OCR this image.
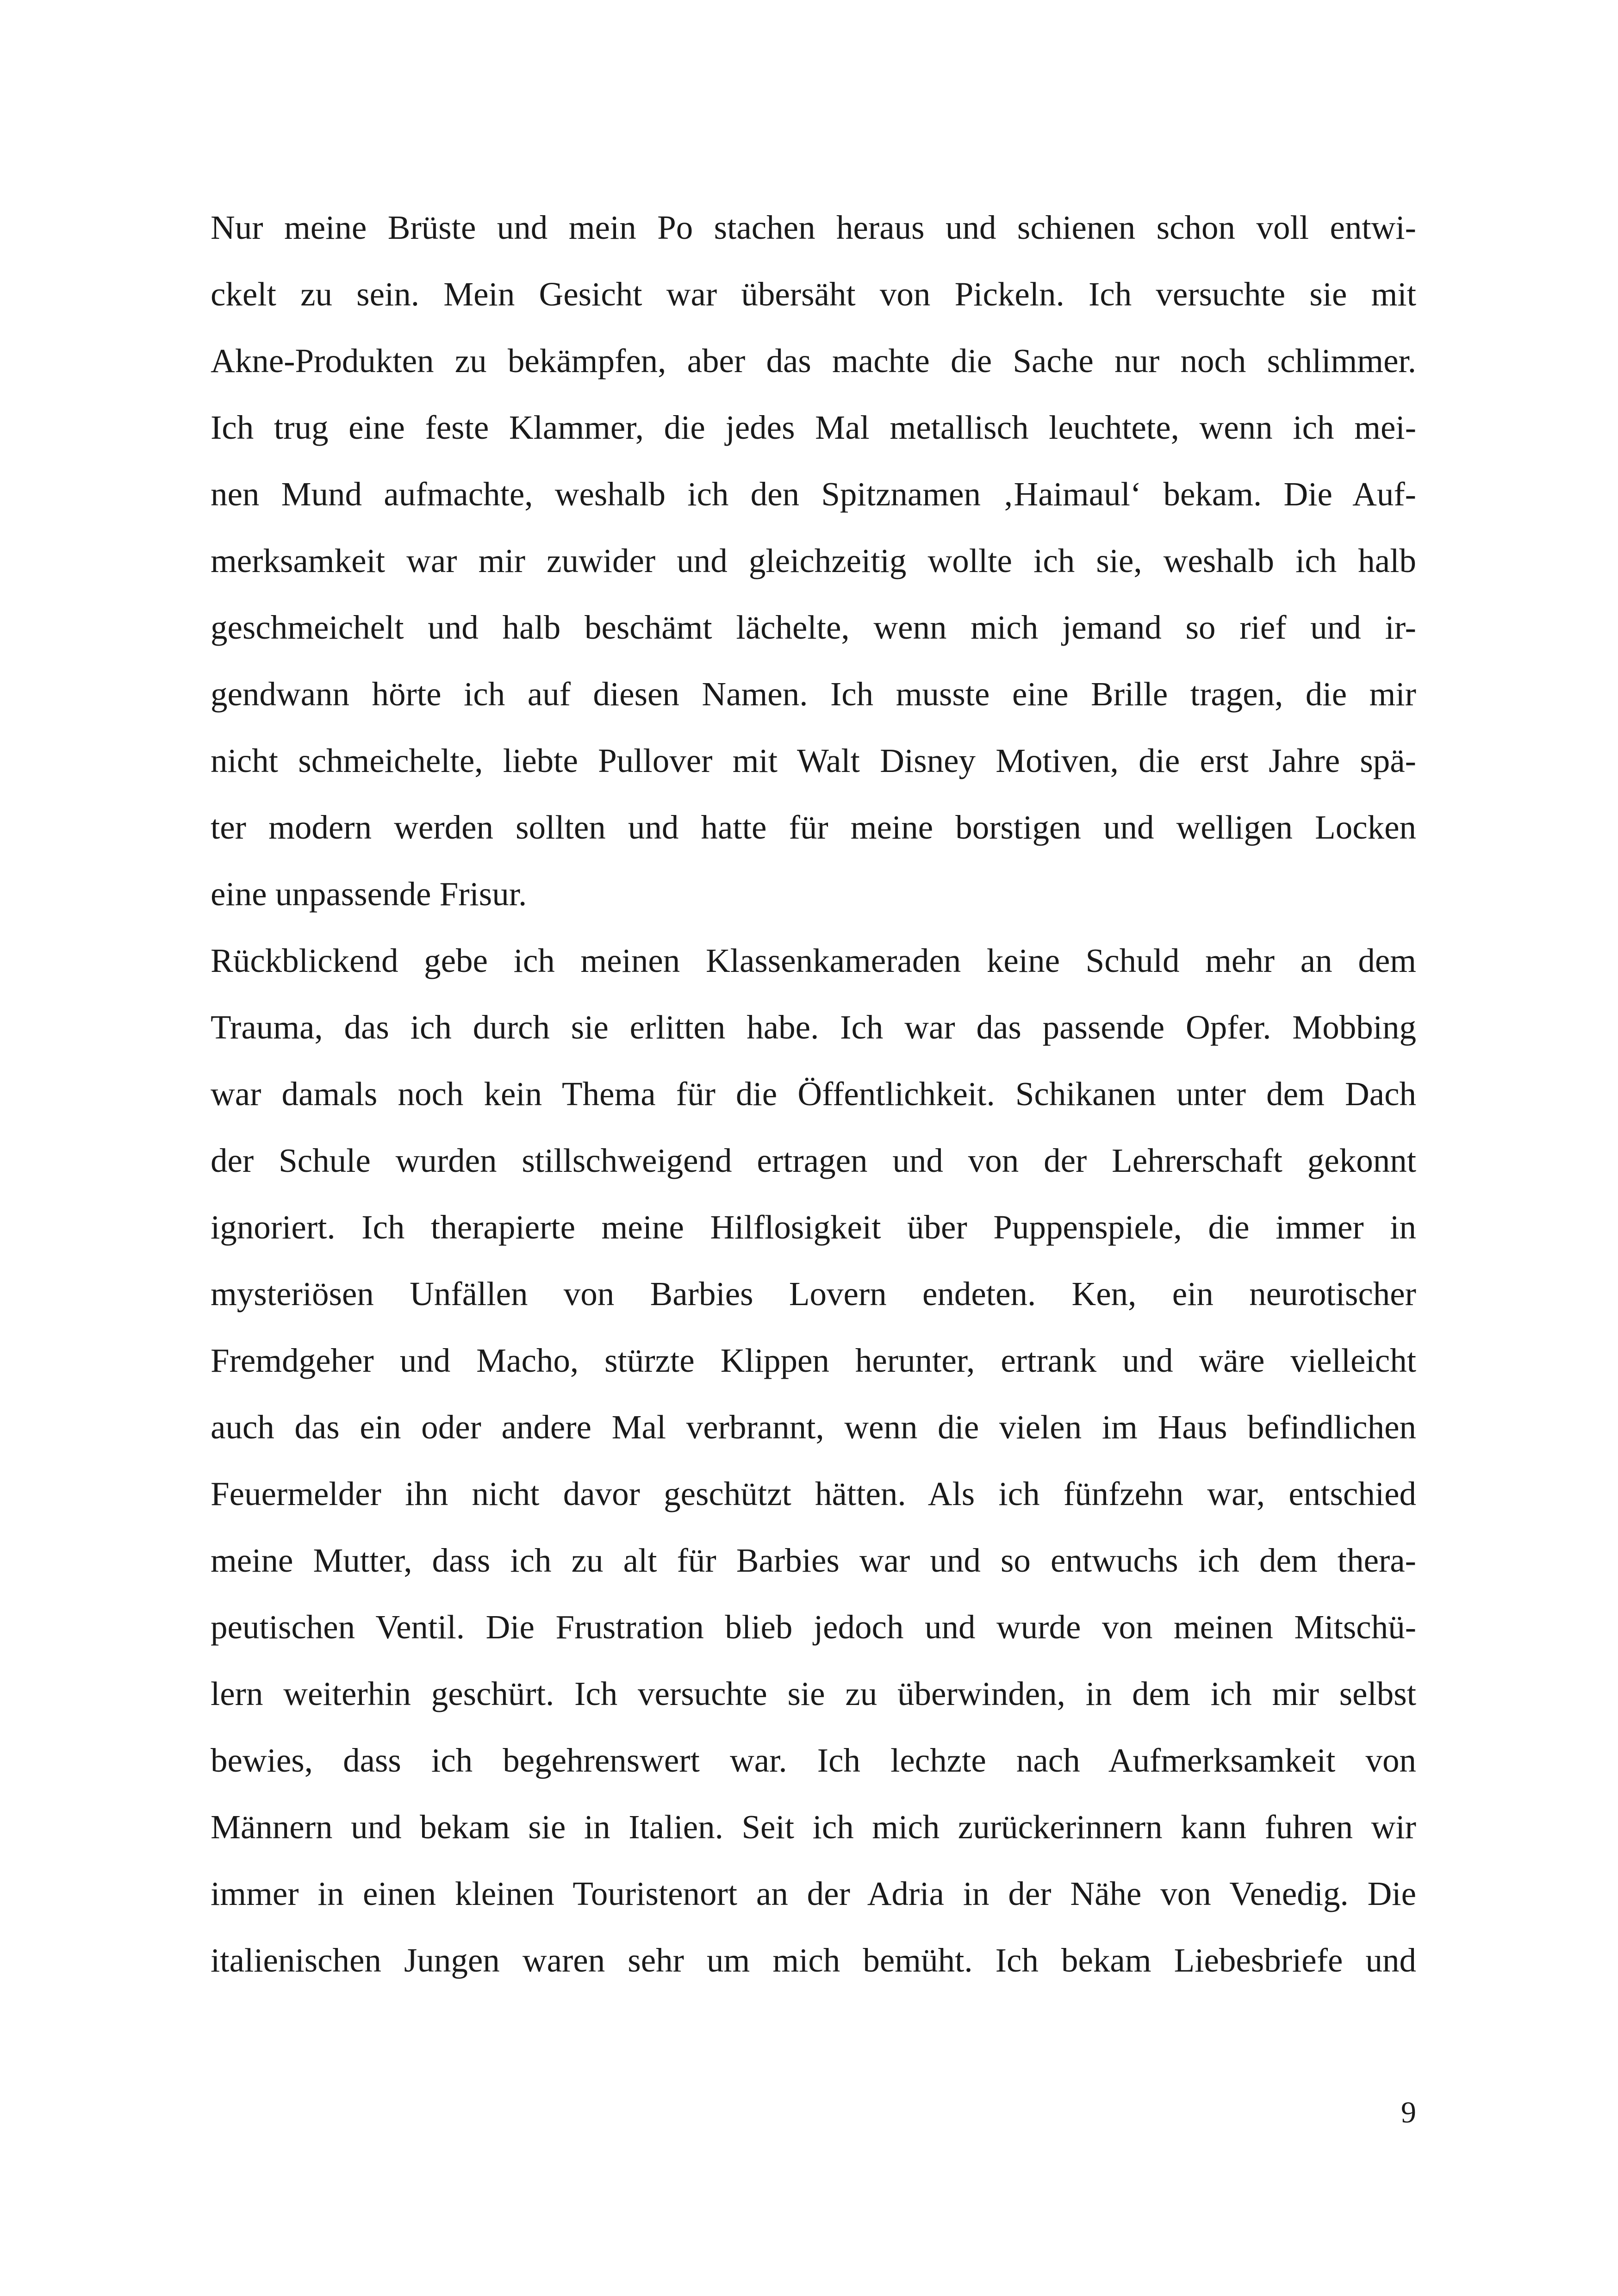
Nur meine Brüste und mein Po stachen heraus und schienen schon voll entwi-
ckelt zu sein. Mein Gesicht war übersäht von Pickeln. Ich versuchte sie mit
Akne-Produkten zu bekämpfen, aber das machte die Sache nur noch schlimmer.
Ich trug eine feste Klammer, die jedes Mal metallisch leuchtete, wenn ich mei-
nen Mund aufmachte, weshalb ich den Spitznamen ‚Haimaul‘ bekam. Die Auf-
merksamkeit war mir zuwider und gleichzeitig wollte ich sie, weshalb ich halb
geschmeichelt und halb beschämt lächelte, wenn mich jemand so rief und ir-
gendwann hörte ich auf diesen Namen. Ich musste eine Brille tragen, die mir
nicht schmeichelte, liebte Pullover mit Walt Disney Motiven, die erst Jahre spä-
ter modern werden sollten und hatte für meine borstigen und welligen Locken
eine unpassende Frisur.
Rückblickend gebe ich meinen Klassenkameraden keine Schuld mehr an dem
Trauma, das ich durch sie erlitten habe. Ich war das passende Opfer. Mobbing
war damals noch kein Thema für die Öffentlichkeit. Schikanen unter dem Dach
der Schule wurden stillschweigend ertragen und von der Lehrerschaft gekonnt
ignoriert. Ich therapierte meine Hilflosigkeit über Puppenspiele, die immer in
mysteriösen Unfällen von Barbies Lovern endeten. Ken, ein neurotischer
Fremdgeher und Macho, stürzte Klippen herunter, ertrank und wäre vielleicht
auch das ein oder andere Mal verbrannt, wenn die vielen im Haus befindlichen
Feuermelder ihn nicht davor geschützt hätten. Als ich fünfzehn war, entschied
meine Mutter, dass ich zu alt für Barbies war und so entwuchs ich dem thera-
peutischen Ventil. Die Frustration blieb jedoch und wurde von meinen Mitschü-
lern weiterhin geschürt. Ich versuchte sie zu überwinden, in dem ich mir selbst
bewies, dass ich begehrenswert war. Ich lechzte nach Aufmerksamkeit von
Männern und bekam sie in Italien. Seit ich mich zurückerinnern kann fuhren wir
immer in einen kleinen Touristenort an der Adria in der Nähe von Venedig. Die
italienischen Jungen waren sehr um mich bemüht. Ich bekam Liebesbriefe und
9
